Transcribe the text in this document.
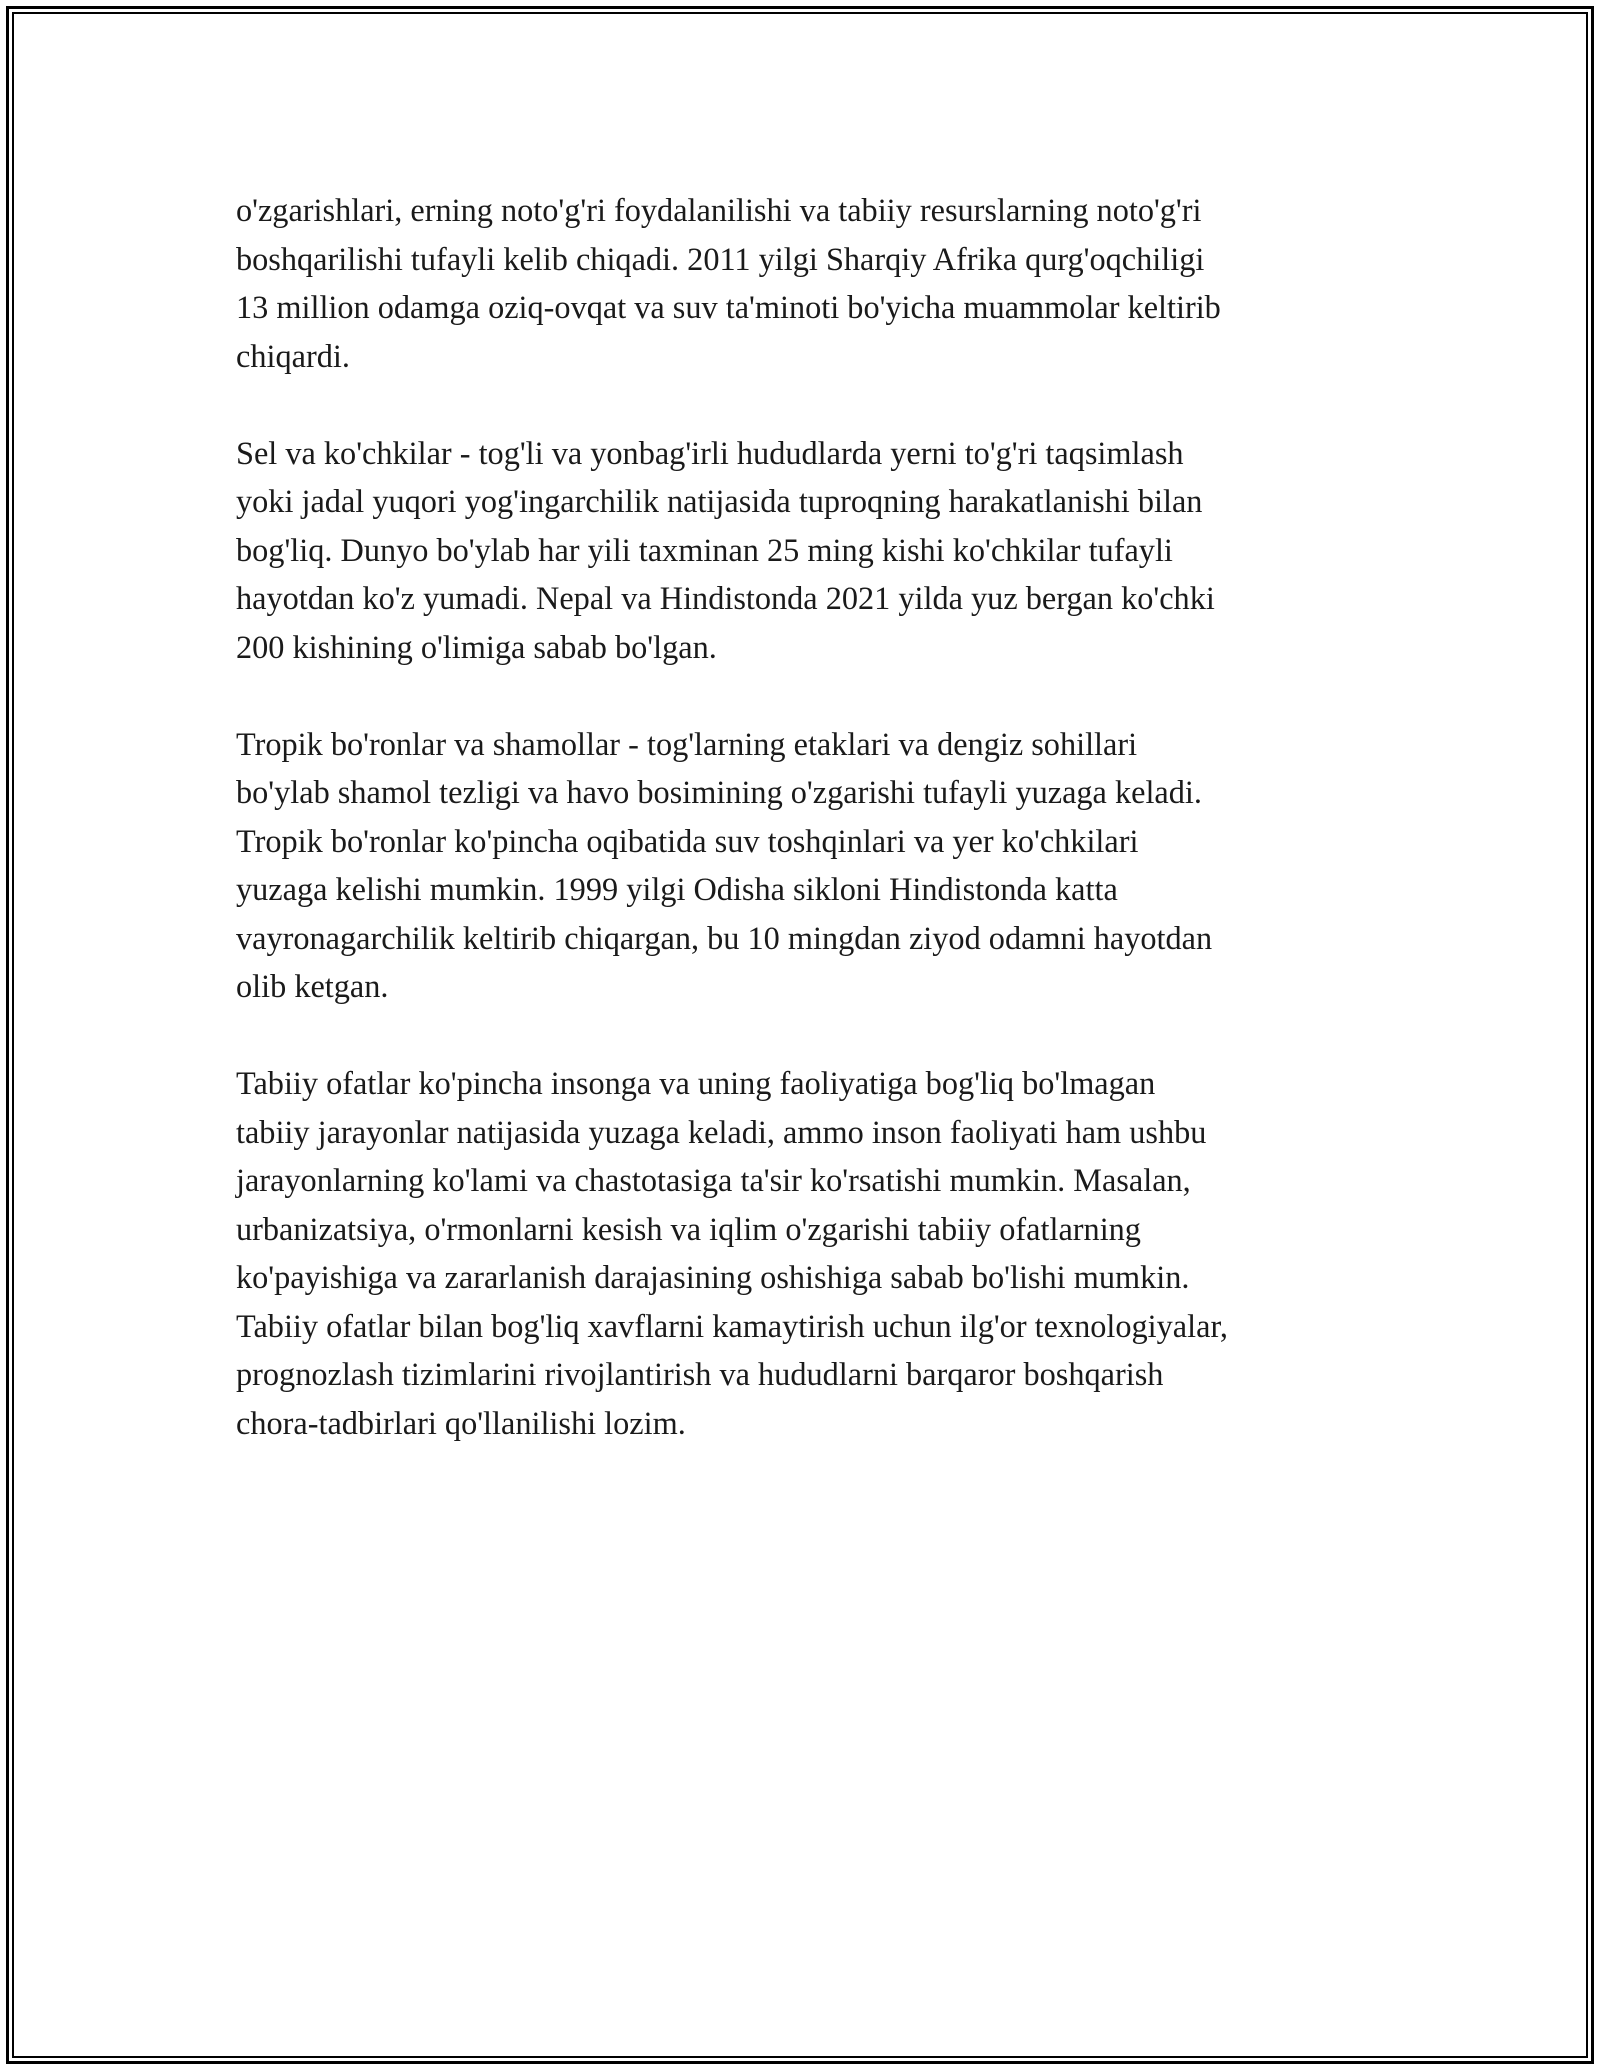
o'zgarishlari, erning noto'g'ri foydalanilishi va tabiiy resurslarning noto'g'ri
boshqarilishi tufayli kelib chiqadi. 2011 yilgi Sharqiy Afrika qurg'oqchiligi
13 million odamga oziq-ovqat va suv ta'minoti bo'yicha muammolar keltirib
chiqardi.

Sel va ko'chkilar - tog'li va yonbag'irli hududlarda yerni to'g'ri taqsimlash
yoki jadal yuqori yog'ingarchilik natijasida tuproqning harakatlanishi bilan
bog'liq. Dunyo bo'ylab har yili taxminan 25 ming kishi ko'chkilar tufayli
hayotdan ko'z yumadi. Nepal va Hindistonda 2021 yilda yuz bergan ko'chki
200 kishining o'limiga sabab bo'lgan.

Tropik bo'ronlar va shamollar - tog'larning etaklari va dengiz sohillari
bo'ylab shamol tezligi va havo bosimining o'zgarishi tufayli yuzaga keladi.
Tropik bo'ronlar ko'pincha oqibatida suv toshqinlari va yer ko'chkilari
yuzaga kelishi mumkin. 1999 yilgi Odisha sikloni Hindistonda katta
vayronagarchilik keltirib chiqargan, bu 10 mingdan ziyod odamni hayotdan
olib ketgan.

Tabiiy ofatlar ko'pincha insonga va uning faoliyatiga bog'liq bo'lmagan
tabiiy jarayonlar natijasida yuzaga keladi, ammo inson faoliyati ham ushbu
jarayonlarning ko'lami va chastotasiga ta'sir ko'rsatishi mumkin. Masalan,
urbanizatsiya, o'rmonlarni kesish va iqlim o'zgarishi tabiiy ofatlarning
ko'payishiga va zararlanish darajasining oshishiga sabab bo'lishi mumkin.
Tabiiy ofatlar bilan bog'liq xavflarni kamaytirish uchun ilg'or texnologiyalar,
prognozlash tizimlarini rivojlantirish va hududlarni barqaror boshqarish
chora-tadbirlari qo'llanilishi lozim.
